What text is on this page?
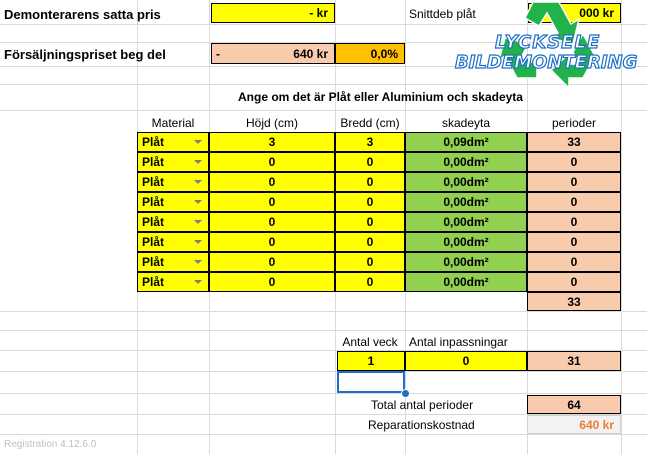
Demonterarens satta pris	- kr	Snittdeb plåt	000 kr
Försäljningspriset beg del	-	640 kr	0,0%
LYCKSELE
BILDEMONTERING
Ange om det är Plåt eller Aluminium och skadeyta
Material	Höjd (cm)	Bredd (cm)	skadeyta	perioder
Plåt	3	3	0,09dm²	33
Plåt	0	0	0,00dm²	0
Plåt	0	0	0,00dm²	0
Plåt	0	0	0,00dm²	0
Plåt	0	0	0,00dm²	0
Plåt	0	0	0,00dm²	0
Plåt	0	0	0,00dm²	0
Plåt	0	0	0,00dm²	0
33
Antal veck Antal inpassningar
1	0	31
Total antal perioder	64
Reparationskostnad	640 kr
Registration 4.12.6.0
